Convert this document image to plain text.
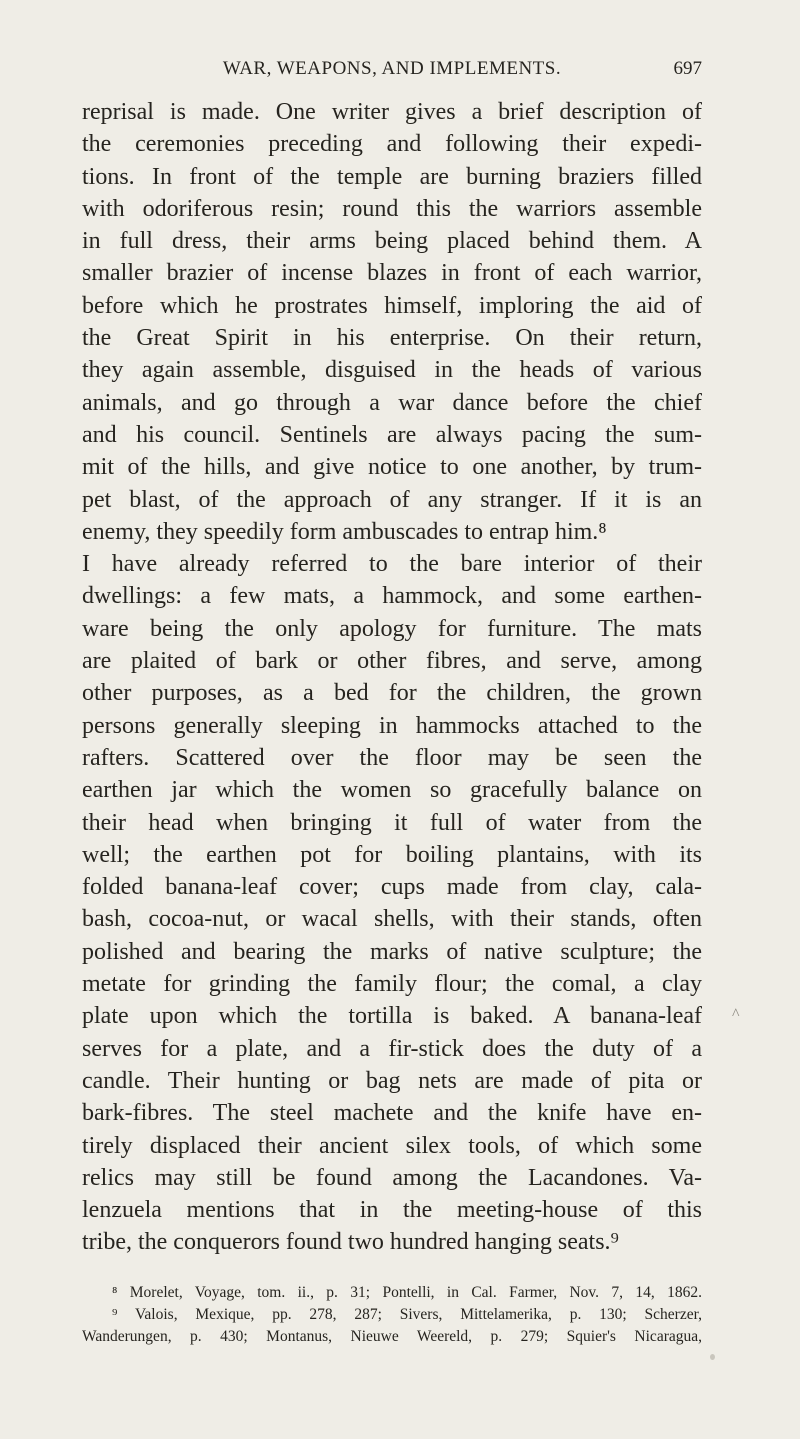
WAR, WEAPONS, AND IMPLEMENTS.	697
reprisal is made. One writer gives a brief description of
the ceremonies preceding and following their expedi-
tions. In front of the temple are burning braziers filled
with odoriferous resin; round this the warriors assemble
in full dress, their arms being placed behind them. A
smaller brazier of incense blazes in front of each warrior,
before which he prostrates himself, imploring the aid of
the Great Spirit in his enterprise. On their return,
they again assemble, disguised in the heads of various
animals, and go through a war dance before the chief
and his council. Sentinels are always pacing the sum-
mit of the hills, and give notice to one another, by trum-
pet blast, of the approach of any stranger. If it is an
enemy, they speedily form ambuscades to entrap him.⁸
I have already referred to the bare interior of their
dwellings: a few mats, a hammock, and some earthen-
ware being the only apology for furniture. The mats
are plaited of bark or other fibres, and serve, among
other purposes, as a bed for the children, the grown
persons generally sleeping in hammocks attached to the
rafters. Scattered over the floor may be seen the
earthen jar which the women so gracefully balance on
their head when bringing it full of water from the
well; the earthen pot for boiling plantains, with its
folded banana-leaf cover; cups made from clay, cala-
bash, cocoa-nut, or wacal shells, with their stands, often
polished and bearing the marks of native sculpture; the
metate for grinding the family flour; the comal, a clay
plate upon which the tortilla is baked. A banana-leaf
serves for a plate, and a fir-stick does the duty of a
candle. Their hunting or bag nets are made of pita or
bark-fibres. The steel machete and the knife have en-
tirely displaced their ancient silex tools, of which some
relics may still be found among the Lacandones. Va-
lenzuela mentions that in the meeting-house of this
tribe, the conquerors found two hundred hanging seats.⁹
^
⁸ Morelet, Voyage, tom. ii., p. 31; Pontelli, in Cal. Farmer, Nov. 7, 14, 1862.
⁹ Valois, Mexique, pp. 278, 287; Sivers, Mittelamerika, p. 130; Scherzer,
Wanderungen, p. 430; Montanus, Nieuwe Weereld, p. 279; Squier's Nicaragua,
